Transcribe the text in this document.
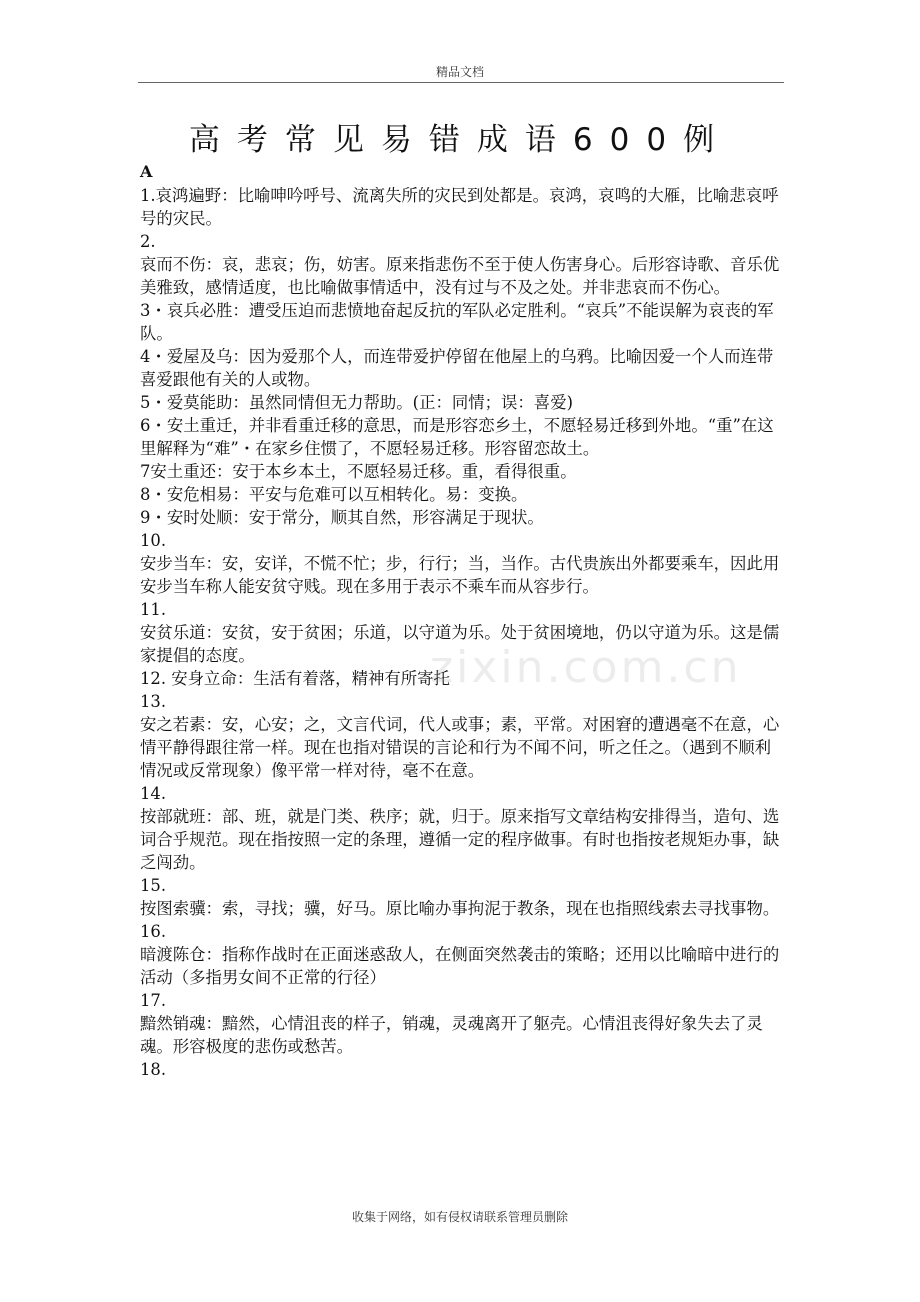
精品文档
高考常见易错成语600例
A

1.哀鸿遍野：比喻呻吟呼号、流离失所的灾民到处都是。哀鸿，哀鸣的大雁，比喻悲哀呼号的灾民。

2.

哀而不伤：哀，悲哀；伤，妨害。原来指悲伤不至于使人伤害身心。后形容诗歌、音乐优美雅致，感情适度，也比喻做事情适中，没有过与不及之处。并非悲哀而不伤心。

3・哀兵必胜：遭受压迫而悲愤地奋起反抗的军队必定胜利。“哀兵”不能误解为哀丧的军队。

4・爱屋及乌：因为爱那个人，而连带爱护停留在他屋上的乌鸦。比喻因爱一个人而连带喜爱跟他有关的人或物。

5・爱莫能助：虽然同情但无力帮助。(正：同情；误：喜爱)

6・安土重迁，并非看重迁移的意思，而是形容恋乡土，不愿轻易迁移到外地。“重”在这里解释为“难”・在家乡住惯了，不愿轻易迁移。形容留恋故土。

7安土重还：安于本乡本土，不愿轻易迁移。重，看得很重。

8・安危相易：平安与危难可以互相转化。易：变换。

9・安时处顺：安于常分，顺其自然，形容满足于现状。

10.

安步当车：安，安详，不慌不忙；步，行行；当，当作。古代贵族出外都要乘车，因此用安步当车称人能安贫守贱。现在多用于表示不乘车而从容步行。

11.

安贫乐道：安贫，安于贫困；乐道，以守道为乐。处于贫困境地，仍以守道为乐。这是儒家提倡的态度。

12. 安身立命：生活有着落，精神有所寄托

13.

安之若素：安，心安；之，文言代词，代人或事；素，平常。对困窘的遭遇毫不在意，心情平静得跟往常一样。现在也指对错误的言论和行为不闻不问，听之任之。（遇到不顺利情况或反常现象）像平常一样对待，毫不在意。

14.

按部就班：部、班，就是门类、秩序；就，归于。原来指写文章结构安排得当，造句、选词合乎规范。现在指按照一定的条理，遵循一定的程序做事。有时也指按老规矩办事，缺乏闯劲。

15.

按图索骥：索，寻找；骥，好马。原比喻办事拘泥于教条，现在也指照线索去寻找事物。

16.

暗渡陈仓：指称作战时在正面迷惑敌人，在侧面突然袭击的策略；还用以比喻暗中进行的活动（多指男女间不正常的行径）

17.

黯然销魂：黯然，心情沮丧的样子，销魂，灵魂离开了躯壳。心情沮丧得好象失去了灵魂。形容极度的悲伤或愁苦。

18.

zixin.com.cn
收集于网络，如有侵权请联系管理员删除
